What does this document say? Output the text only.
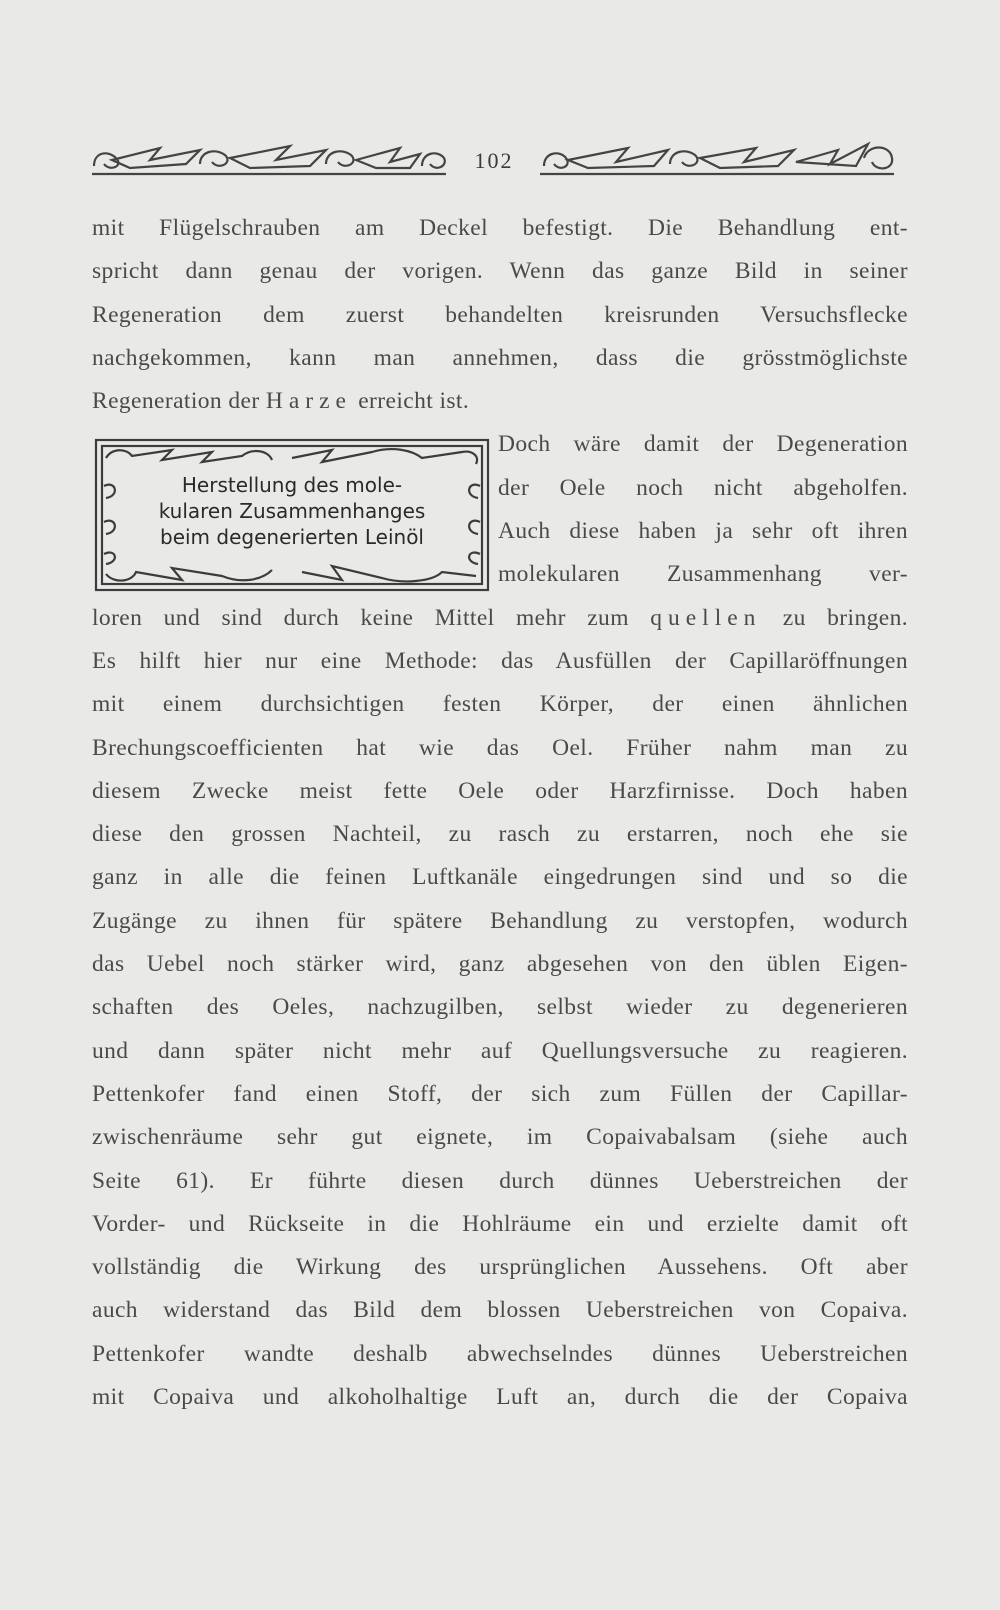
102
Herstellung des mole-
kularen Zusammenhanges
beim degenerierten Leinöl
mit Flügelschrauben am Deckel befestigt. Die Behandlung ent-
spricht dann genau der vorigen. Wenn das ganze Bild in seiner
Regeneration dem zuerst behandelten kreisrunden Versuchsflecke
nachgekommen, kann man annehmen, dass die grösstmöglichste
Regeneration der Harze erreicht ist.
Doch wäre damit der Degeneration
der Oele noch nicht abgeholfen.
Auch diese haben ja sehr oft ihren
molekularen Zusammenhang ver-
loren und sind durch keine Mittel mehr zum quellen zu bringen.
Es hilft hier nur eine Methode: das Ausfüllen der Capillaröffnungen
mit einem durchsichtigen festen Körper, der einen ähnlichen
Brechungscoefficienten hat wie das Oel. Früher nahm man zu
diesem Zwecke meist fette Oele oder Harzfirnisse. Doch haben
diese den grossen Nachteil, zu rasch zu erstarren, noch ehe sie
ganz in alle die feinen Luftkanäle eingedrungen sind und so die
Zugänge zu ihnen für spätere Behandlung zu verstopfen, wodurch
das Uebel noch stärker wird, ganz abgesehen von den üblen Eigen-
schaften des Oeles, nachzugilben, selbst wieder zu degenerieren
und dann später nicht mehr auf Quellungsversuche zu reagieren.
Pettenkofer fand einen Stoff, der sich zum Füllen der Capillar-
zwischenräume sehr gut eignete, im Copaivabalsam (siehe auch
Seite 61). Er führte diesen durch dünnes Ueberstreichen der
Vorder- und Rückseite in die Hohlräume ein und erzielte damit oft
vollständig die Wirkung des ursprünglichen Aussehens. Oft aber
auch widerstand das Bild dem blossen Ueberstreichen von Copaiva.
Pettenkofer wandte deshalb abwechselndes dünnes Ueberstreichen
mit Copaiva und alkoholhaltige Luft an, durch die der Copaiva
